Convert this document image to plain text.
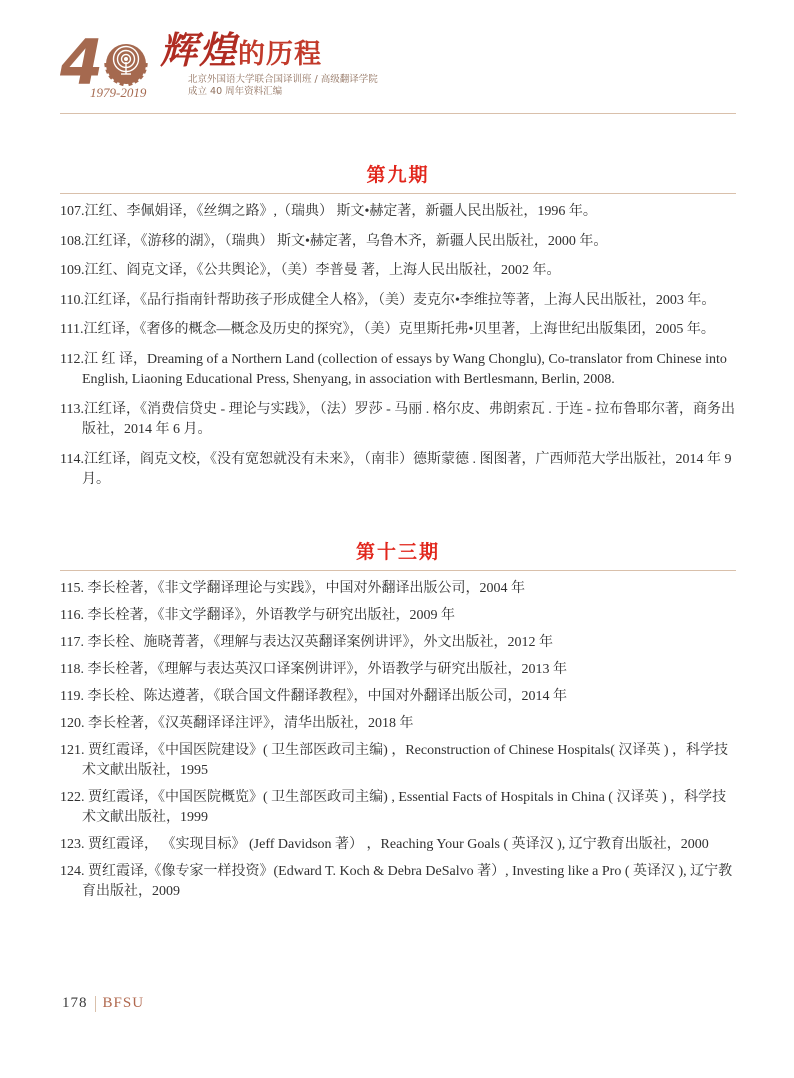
4
1979-2019
辉煌的历程
北京外国语大学联合国译训班 / 高级翻译学院
成立 40 周年资料汇编
第九期
107.江红、李佩娟译，《丝绸之路》,（瑞典） 斯文•赫定著，新疆人民出版社，1996 年。
108.江红译，《游移的湖》，（瑞典） 斯文•赫定著，乌鲁木齐，新疆人民出版社，2000 年。
109.江红、阎克文译，《公共舆论》，（美）李普曼 著，上海人民出版社，2002 年。
110.江红译，《品行指南针帮助孩子形成健全人格》，（美）麦克尔•李维拉等著，上海人民出版社，2003 年。
111.江红译，《奢侈的概念—概念及历史的探究》，（美）克里斯托弗•贝里著，上海世纪出版集团，2005 年。
112.江 红 译，Dreaming of a Northern Land (collection of essays by Wang Chonglu), Co-translator from Chinese into English, Liaoning Educational Press, Shenyang, in association with Bertlesmann, Berlin, 2008.
113.江红译，《消费信贷史 - 理论与实践》，（法）罗莎 - 马丽 . 格尔皮、弗朗索瓦 . 于连 - 拉布鲁耶尔著，商务出版社，2014 年 6 月。
114.江红译，阎克文校，《没有宽恕就没有未来》，（南非）德斯蒙德 . 图图著，广西师范大学出版社，2014 年 9 月。
第十三期
115. 李长栓著，《非文学翻译理论与实践》，中国对外翻译出版公司，2004 年
116. 李长栓著，《非文学翻译》，外语教学与研究出版社，2009 年
117. 李长栓、施晓菁著，《理解与表达汉英翻译案例讲评》，外文出版社，2012 年
118. 李长栓著，《理解与表达英汉口译案例讲评》，外语教学与研究出版社，2013 年
119. 李长栓、陈达遵著，《联合国文件翻译教程》，中国对外翻译出版公司，2014 年
120. 李长栓著，《汉英翻译译注评》，清华出版社，2018 年
121. 贾红霞译，《中国医院建设》( 卫生部医政司主编) ，Reconstruction of Chinese Hospitals( 汉译英 ) ，科学技术文献出版社，1995
122. 贾红霞译，《中国医院概览》( 卫生部医政司主编) , Essential Facts of Hospitals in China ( 汉译英 ) ，科学技术文献出版社，1999
123. 贾红霞译， 《实现目标》 (Jeff Davidson 著） ，Reaching Your Goals ( 英译汉 ), 辽宁教育出版社，2000
124. 贾红霞译,《像专家一样投资》(Edward T. Koch & Debra DeSalvo 著）, Investing like a Pro ( 英译汉 ), 辽宁教育出版社，2009
178 BFSU
